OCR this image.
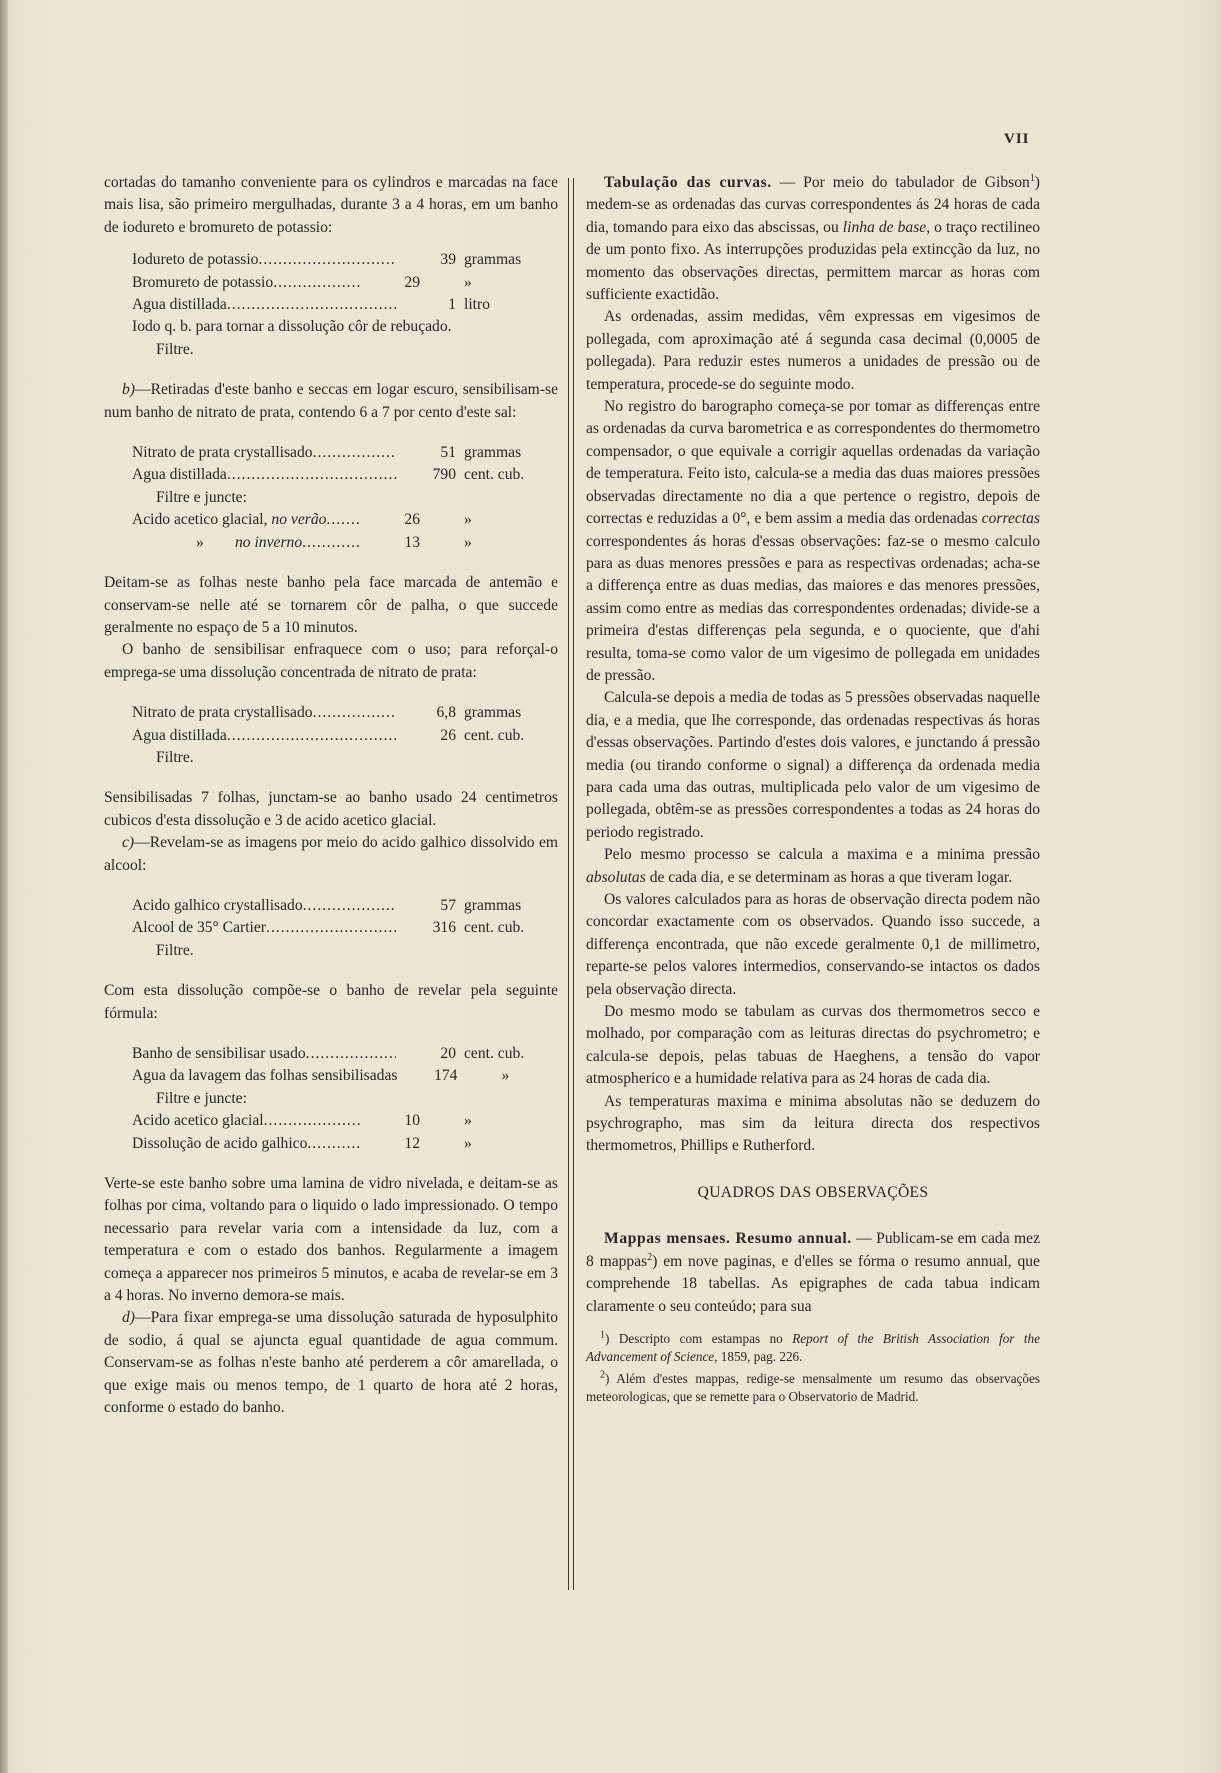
VII

cortadas do tamanho conveniente para os cylindros e marcadas na face mais lisa, são primeiro mergulhadas, durante 3 a 4 horas, em um banho de iodureto e bromureto de potassio:

Iodureto de potassio .....	39 grammas
Bromureto de potassio .....	29	»
Agua distillada .....	1 litro
Iodo q. b. para tornar a dissolução côr de rebuçado.
Filtre.

b)—Retiradas d'este banho e seccas em logar escuro, sensibilisam-se num banho de nitrato de prata, contendo 6 a 7 por cento d'este sal:

Nitrato de prata crystallisado .....	51 grammas
Agua distillada .....	790 cent. cub.
Filtre e juncte:
Acido acetico glacial, no verão .....	26	»
» no inverno .....	13	»

Deitam-se as folhas neste banho pela face marcada de antemão e conservam-se nelle até se tornarem côr de palha, o que succede geralmente no espaço de 5 a 10 minutos.

O banho de sensibilisar enfraquece com o uso; para reforçal-o emprega-se uma dissolução concentrada de nitrato de prata:

Nitrato de prata crystallisado .....	6,8 grammas
Agua distillada .....	26 cent. cub.
Filtre.

Sensibilisadas 7 folhas, junctam-se ao banho usado 24 centimetros cubicos d'esta dissolução e 3 de acido acetico glacial.

c)—Revelam-se as imagens por meio do acido galhico dissolvido em alcool:

Acido galhico crystallisado .....	57 grammas
Alcool de 35° Cartier .....	316 cent. cub.
Filtre.

Com esta dissolução compõe-se o banho de revelar pela seguinte fórmula:

Banho de sensibilisar usado .....	20 cent. cub.
Agua da lavagem das folhas sensibilisadas	174	»
Filtre e juncte:
Acido acetico glacial .....	10	»
Dissolução de acido galhico .....	12	»

Verte-se este banho sobre uma lamina de vidro nivelada, e deitam-se as folhas por cima, voltando para o liquido o lado impressionado. O tempo necessario para revelar varia com a intensidade da luz, com a temperatura e com o estado dos banhos. Regularmente a imagem começa a apparecer nos primeiros 5 minutos, e acaba de revelar-se em 3 a 4 horas. No inverno demora-se mais.

d)—Para fixar emprega-se uma dissolução saturada de hyposulphito de sodio, á qual se ajuncta egual quantidade de agua commum. Conservam-se as folhas n'este banho até perderem a côr amarellada, o que exige mais ou menos tempo, de 1 quarto de hora até 2 horas, conforme o estado do banho.

Tabulação das curvas. — Por meio do tabulador de Gibson$^1$) medem-se as ordenadas das curvas correspondentes ás 24 horas de cada dia, tomando para eixo das abscissas, ou linha de base, o traço rectilineo de um ponto fixo. As interrupções produzidas pela extincção da luz, no momento das observações directas, permittem marcar as horas com sufficiente exactidão.

As ordenadas, assim medidas, vêm expressas em vigesimos de pollegada, com aproximação até á segunda casa decimal (0,0005 de pollegada). Para reduzir estes numeros a unidades de pressão ou de temperatura, procede-se do seguinte modo.

No registro do barographo começa-se por tomar as differenças entre as ordenadas da curva barometrica e as correspondentes do thermometro compensador, o que equivale a corrigir aquellas ordenadas da variação de temperatura. Feito isto, calcula-se a media das duas maiores pressões observadas directamente no dia a que pertence o registro, depois de correctas e reduzidas a 0°, e bem assim a media das ordenadas correctas correspondentes ás horas d'essas observações: faz-se o mesmo calculo para as duas menores pressões e para as respectivas ordenadas; acha-se a differença entre as duas medias, das maiores e das menores pressões, assim como entre as medias das correspondentes ordenadas; divide-se a primeira d'estas differenças pela segunda, e o quociente, que d'ahi resulta, toma-se como valor de um vigesimo de pollegada em unidades de pressão.

Calcula-se depois a media de todas as 5 pressões observadas naquelle dia, e a media, que lhe corresponde, das ordenadas respectivas ás horas d'essas observações. Partindo d'estes dois valores, e junctando á pressão media (ou tirando conforme o signal) a differença da ordenada media para cada uma das outras, multiplicada pelo valor de um vigesimo de pollegada, obtêm-se as pressões correspondentes a todas as 24 horas do periodo registrado.

Pelo mesmo processo se calcula a maxima e a minima pressão absolutas de cada dia, e se determinam as horas a que tiveram logar.

Os valores calculados para as horas de observação directa podem não concordar exactamente com os observados. Quando isso succede, a differença encontrada, que não excede geralmente 0,1 de millimetro, reparte-se pelos valores intermedios, conservando-se intactos os dados pela observação directa.

Do mesmo modo se tabulam as curvas dos thermometros secco e molhado, por comparação com as leituras directas do psychrometro; e calcula-se depois, pelas tabuas de Haeghens, a tensão do vapor atmospherico e a humidade relativa para as 24 horas de cada dia.

As temperaturas maxima e minima absolutas não se deduzem do psychrographo, mas sim da leitura directa dos respectivos thermometros, Phillips e Rutherford.

QUADROS DAS OBSERVAÇÕES

Mappas mensaes. Resumo annual. — Publicam-se em cada mez 8 mappas$^2$) em nove paginas, e d'elles se fórma o resumo annual, que comprehende 18 tabellas. As epigraphes de cada tabua indicam claramente o seu conteúdo; para sua

$^1$) Descripto com estampas no Report of the British Association for the Advancement of Science, 1859, pag. 226.
$^2$) Além d'estes mappas, redige-se mensalmente um resumo das observações meteorologicas, que se remette para o Observatorio de Madrid.
